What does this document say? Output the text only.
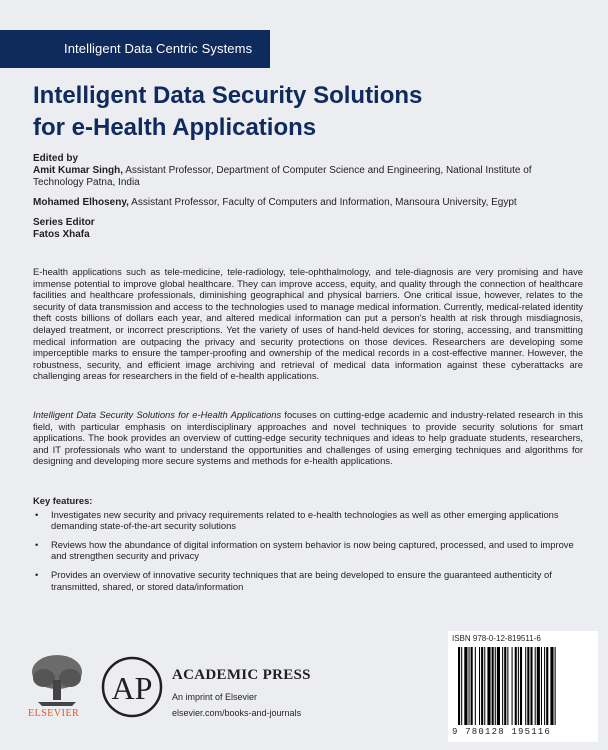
Intelligent Data Centric Systems
Intelligent Data Security Solutions
for e-Health Applications

Edited by

Amit Kumar Singh, Assistant Professor, Department of Computer Science and Engineering, National Institute of Technology Patna, India

Mohamed Elhoseny, Assistant Professor, Faculty of Computers and Information, Mansoura University, Egypt

Series Editor

Fatos Xhafa

E-health applications such as tele-medicine, tele-radiology, tele-ophthalmology, and tele-diagnosis are very promising and have immense potential to improve global healthcare. They can improve access, equity, and quality through the connection of healthcare facilities and healthcare professionals, diminishing geographical and physical barriers. One critical issue, however, relates to the security of data transmission and access to the technologies used to manage medical information. Currently, medical-related identity theft costs billions of dollars each year, and altered medical information can put a person's health at risk through misdiagnosis, delayed treatment, or incorrect prescriptions. Yet the variety of uses of hand-held devices for storing, accessing, and transmitting medical information are outpacing the privacy and security protections on those devices. Researchers are developing some imperceptible marks to ensure the tamper-proofing and ownership of the medical records in a cost-effective manner. However, the robustness, security, and efficient image archiving and retrieval of medical data information against these cyberattacks are challenging areas for researchers in the field of e-health applications.

Intelligent Data Security Solutions for e-Health Applications focuses on cutting-edge academic and industry-related research in this field, with particular emphasis on interdisciplinary approaches and novel techniques to provide security solutions for smart applications. The book provides an overview of cutting-edge security techniques and ideas to help graduate students, researchers, and IT professionals who want to understand the opportunities and challenges of using emerging techniques and algorithms for designing and developing more secure systems and methods for e-health applications.

Key features:

• Investigates new security and privacy requirements related to e-health technologies as well as other emerging applications demanding state-of-the-art security solutions
• Reviews how the abundance of digital information on system behavior is now being captured, processed, and used to improve and strengthen security and privacy
• Provides an overview of innovative security techniques that are being developed to ensure the guaranteed authenticity of transmitted, shared, or stored data/information
ELSEVIER
AP ACADEMIC PRESS
An imprint of Elsevier
elsevier.com/books-and-journals
ISBN 978-0-12-819511-6
9 780128 195116
